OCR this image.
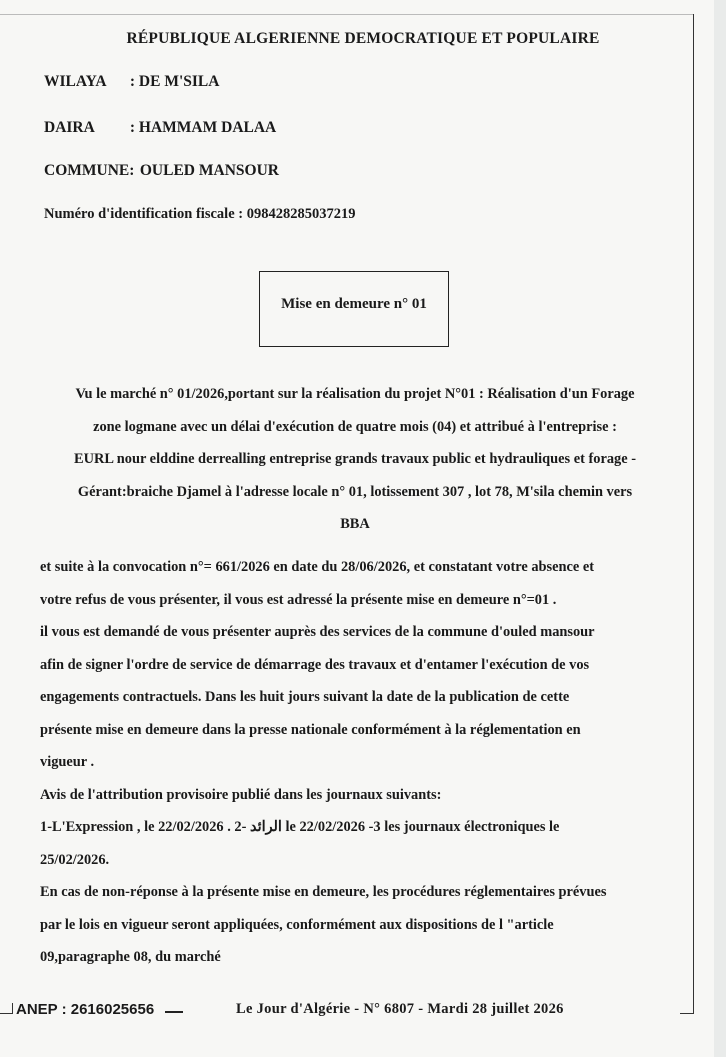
RÉPUBLIQUE ALGERIENNE DEMOCRATIQUE ET POPULAIRE
WILAYA : DE M'SILA
DAIRA : HAMMAM DALAA
COMMUNE: OULED MANSOUR
Numéro d'identification fiscale : 098428285037219
Mise en demeure n° 01
Vu le marché n° 01/2026,portant sur la réalisation du projet N°01 : Réalisation d'un Forage
zone logmane avec un délai d'exécution de quatre mois (04) et attribué à l'entreprise :
EURL nour elddine derrealling entreprise grands travaux public et hydrauliques et forage -
Gérant:braiche Djamel à l'adresse locale n° 01, lotissement 307 , lot 78, M'sila chemin vers
BBA
et suite à la convocation n°= 661/2026 en date du 28/06/2026, et constatant votre absence et
votre refus de vous présenter, il vous est adressé la présente mise en demeure n°=01 .
il vous est demandé de vous présenter auprès des services de la commune d'ouled mansour
afin de signer l'ordre de service de démarrage des travaux et d'entamer l'exécution de vos
engagements contractuels. Dans les huit jours suivant la date de la publication de cette
présente mise en demeure dans la presse nationale conformément à la réglementation en
vigueur .
Avis de l'attribution provisoire publié dans les journaux suivants:
1-L'Expression , le 22/02/2026 . 2- الرائد le 22/02/2026 -3 les journaux électroniques le
25/02/2026.
En cas de non-réponse à la présente mise en demeure, les procédures réglementaires prévues
par le lois en vigueur seront appliquées, conformément aux dispositions de l "article
09,paragraphe 08, du marché
ANEP : 2616025656	Le Jour d'Algérie - N° 6807 - Mardi 28 juillet 2026
